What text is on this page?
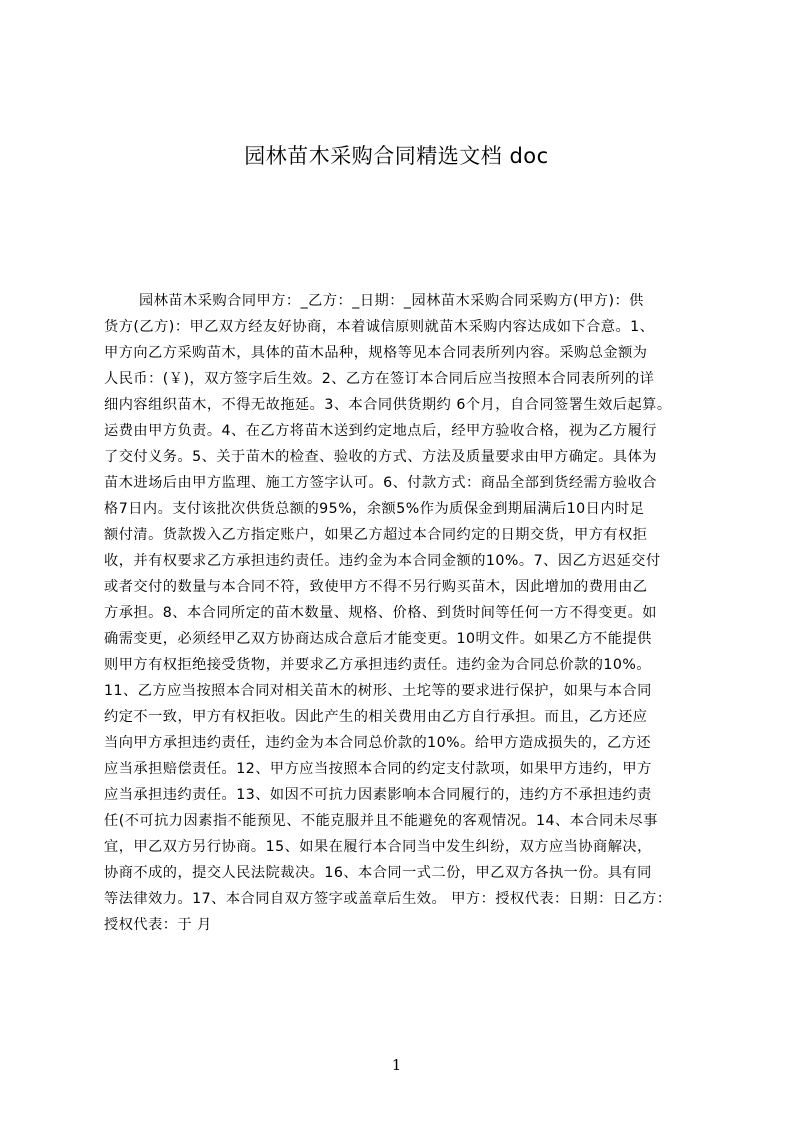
园林苗木采购合同精选文档 doc
园林苗木采购合同甲方：_乙方：_日期：_园林苗木采购合同采购方(甲方)：供
货方(乙方)：甲乙双方经友好协商，本着诚信原则就苗木采购内容达成如下合意。1、
甲方向乙方采购苗木，具体的苗木品种，规格等见本合同表所列内容。采购总金额为
人民币：(￥)，双方签字后生效。2、乙方在签订本合同后应当按照本合同表所列的详
细内容组织苗木，不得无故拖延。3、本合同供货期约 6个月，自合同签署生效后起算。
运费由甲方负责。4、在乙方将苗木送到约定地点后，经甲方验收合格，视为乙方履行
了交付义务。5、关于苗木的检查、验收的方式、方法及质量要求由甲方确定。具体为
苗木进场后由甲方监理、施工方签字认可。6、付款方式：商品全部到货经需方验收合
格7日内。支付该批次供货总额的95%，余额5%作为质保金到期届满后10日内时足
额付清。货款拨入乙方指定账户，如果乙方超过本合同约定的日期交货，甲方有权拒
收，并有权要求乙方承担违约责任。违约金为本合同金额的10%。7、因乙方迟延交付
或者交付的数量与本合同不符，致使甲方不得不另行购买苗木，因此增加的费用由乙
方承担。8、本合同所定的苗木数量、规格、价格、到货时间等任何一方不得变更。如
确需变更，必须经甲乙双方协商达成合意后才能变更。10明文件。如果乙方不能提供
则甲方有权拒绝接受货物，并要求乙方承担违约责任。违约金为合同总价款的10%。
11、乙方应当按照本合同对相关苗木的树形、土坨等的要求进行保护，如果与本合同
约定不一致，甲方有权拒收。因此产生的相关费用由乙方自行承担。而且，乙方还应
当向甲方承担违约责任，违约金为本合同总价款的10%。给甲方造成损失的，乙方还
应当承担赔偿责任。12、甲方应当按照本合同的约定支付款项，如果甲方违约，甲方
应当承担违约责任。13、如因不可抗力因素影响本合同履行的，违约方不承担违约责
任(不可抗力因素指不能预见、不能克服并且不能避免的客观情况。14、本合同未尽事
宜，甲乙双方另行协商。15、如果在履行本合同当中发生纠纷，双方应当协商解决，
协商不成的，提交人民法院裁决。16、本合同一式二份，甲乙双方各执一份。具有同
等法律效力。17、本合同自双方签字或盖章后生效。 甲方：授权代表：日期：日乙方：
授权代表：于 月
1
